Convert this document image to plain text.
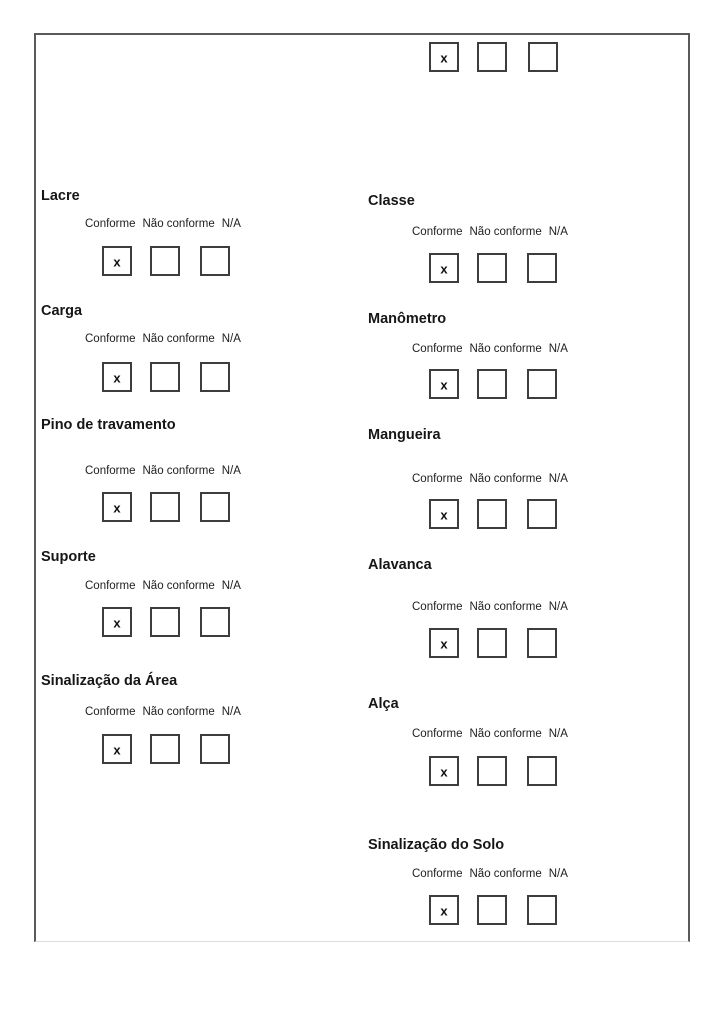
x
Lacre
Conforme Não conforme N/A
x
Carga
Conforme Não conforme N/A
x
Pino de travamento
Conforme Não conforme N/A
x
Suporte
Conforme Não conforme N/A
x
Sinalização da Área
Conforme Não conforme N/A
x
Classe
Conforme Não conforme N/A
x
Manômetro
Conforme Não conforme N/A
x
Mangueira
Conforme Não conforme N/A
x
Alavanca
Conforme Não conforme N/A
x
Alça
Conforme Não conforme N/A
x
Sinalização do Solo
Conforme Não conforme N/A
x
